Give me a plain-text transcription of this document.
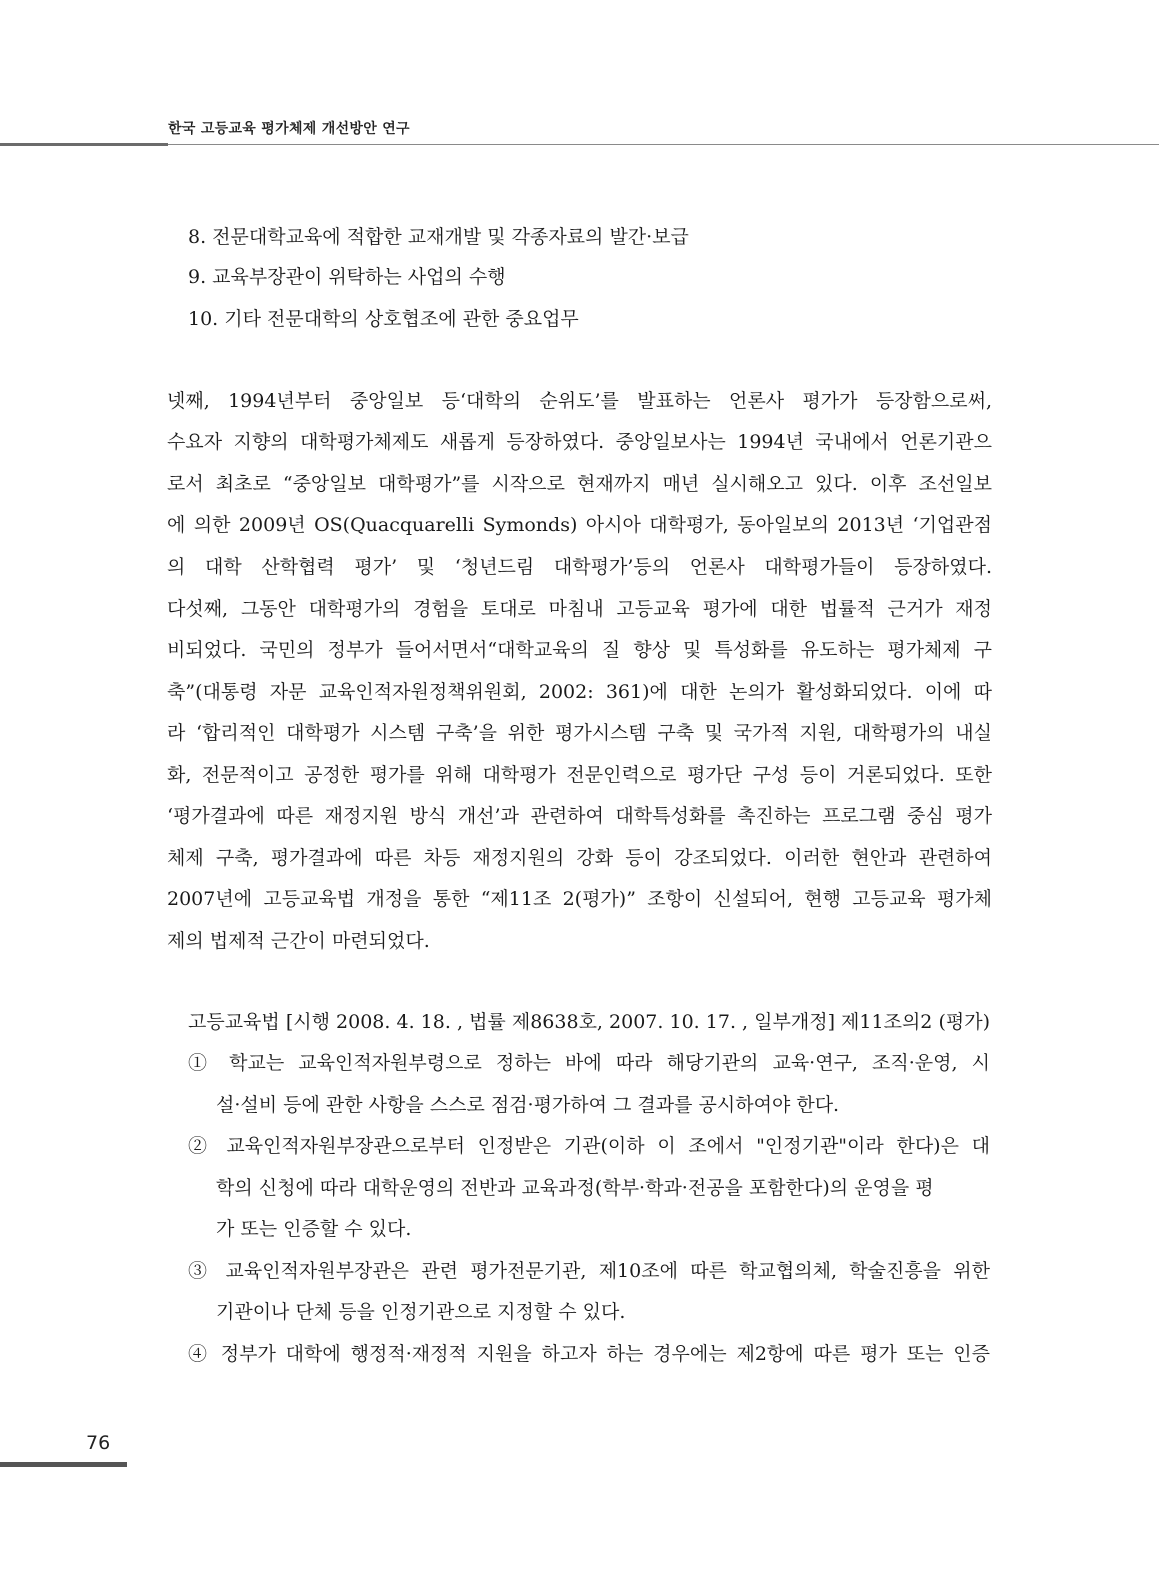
한국 고등교육 평가체제 개선방안 연구
8. 전문대학교육에 적합한 교재개발 및 각종자료의 발간·보급
9. 교육부장관이 위탁하는 사업의 수행
10. 기타 전문대학의 상호협조에 관한 중요업무
넷째, 1994년부터 중앙일보 등‘대학의 순위도’를 발표하는 언론사 평가가 등장함으로써,
수요자 지향의 대학평가체제도 새롭게 등장하였다. 중앙일보사는 1994년 국내에서 언론기관으
로서 최초로 “중앙일보 대학평가”를 시작으로 현재까지 매년 실시해오고 있다. 이후 조선일보
에 의한 2009년 OS(Quacquarelli Symonds) 아시아 대학평가, 동아일보의 2013년 ‘기업관점
의 대학 산학협력 평가’ 및 ‘청년드림 대학평가’등의 언론사 대학평가들이 등장하였다.
다섯째, 그동안 대학평가의 경험을 토대로 마침내 고등교육 평가에 대한 법률적 근거가 재정
비되었다. 국민의 정부가 들어서면서“대학교육의 질 향상 및 특성화를 유도하는 평가체제 구
축”(대통령 자문 교육인적자원정책위원회, 2002: 361)에 대한 논의가 활성화되었다. 이에 따
라 ‘합리적인 대학평가 시스템 구축’을 위한 평가시스템 구축 및 국가적 지원, 대학평가의 내실
화, 전문적이고 공정한 평가를 위해 대학평가 전문인력으로 평가단 구성 등이 거론되었다. 또한
‘평가결과에 따른 재정지원 방식 개선’과 관련하여 대학특성화를 촉진하는 프로그램 중심 평가
체제 구축, 평가결과에 따른 차등 재정지원의 강화 등이 강조되었다. 이러한 현안과 관련하여
2007년에 고등교육법 개정을 통한 “제11조 2(평가)” 조항이 신설되어, 현행 고등교육 평가체
제의 법제적 근간이 마련되었다.
고등교육법 [시행 2008. 4. 18. , 법률 제8638호, 2007. 10. 17. , 일부개정] 제11조의2 (평가)
① 학교는 교육인적자원부령으로 정하는 바에 따라 해당기관의 교육·연구, 조직·운영, 시
설·설비 등에 관한 사항을 스스로 점검·평가하여 그 결과를 공시하여야 한다.
② 교육인적자원부장관으로부터 인정받은 기관(이하 이 조에서 "인정기관"이라 한다)은 대
학의 신청에 따라 대학운영의 전반과 교육과정(학부·학과·전공을 포함한다)의 운영을 평
가 또는 인증할 수 있다.
③ 교육인적자원부장관은 관련 평가전문기관, 제10조에 따른 학교협의체, 학술진흥을 위한
기관이나 단체 등을 인정기관으로 지정할 수 있다.
④ 정부가 대학에 행정적·재정적 지원을 하고자 하는 경우에는 제2항에 따른 평가 또는 인증
76
